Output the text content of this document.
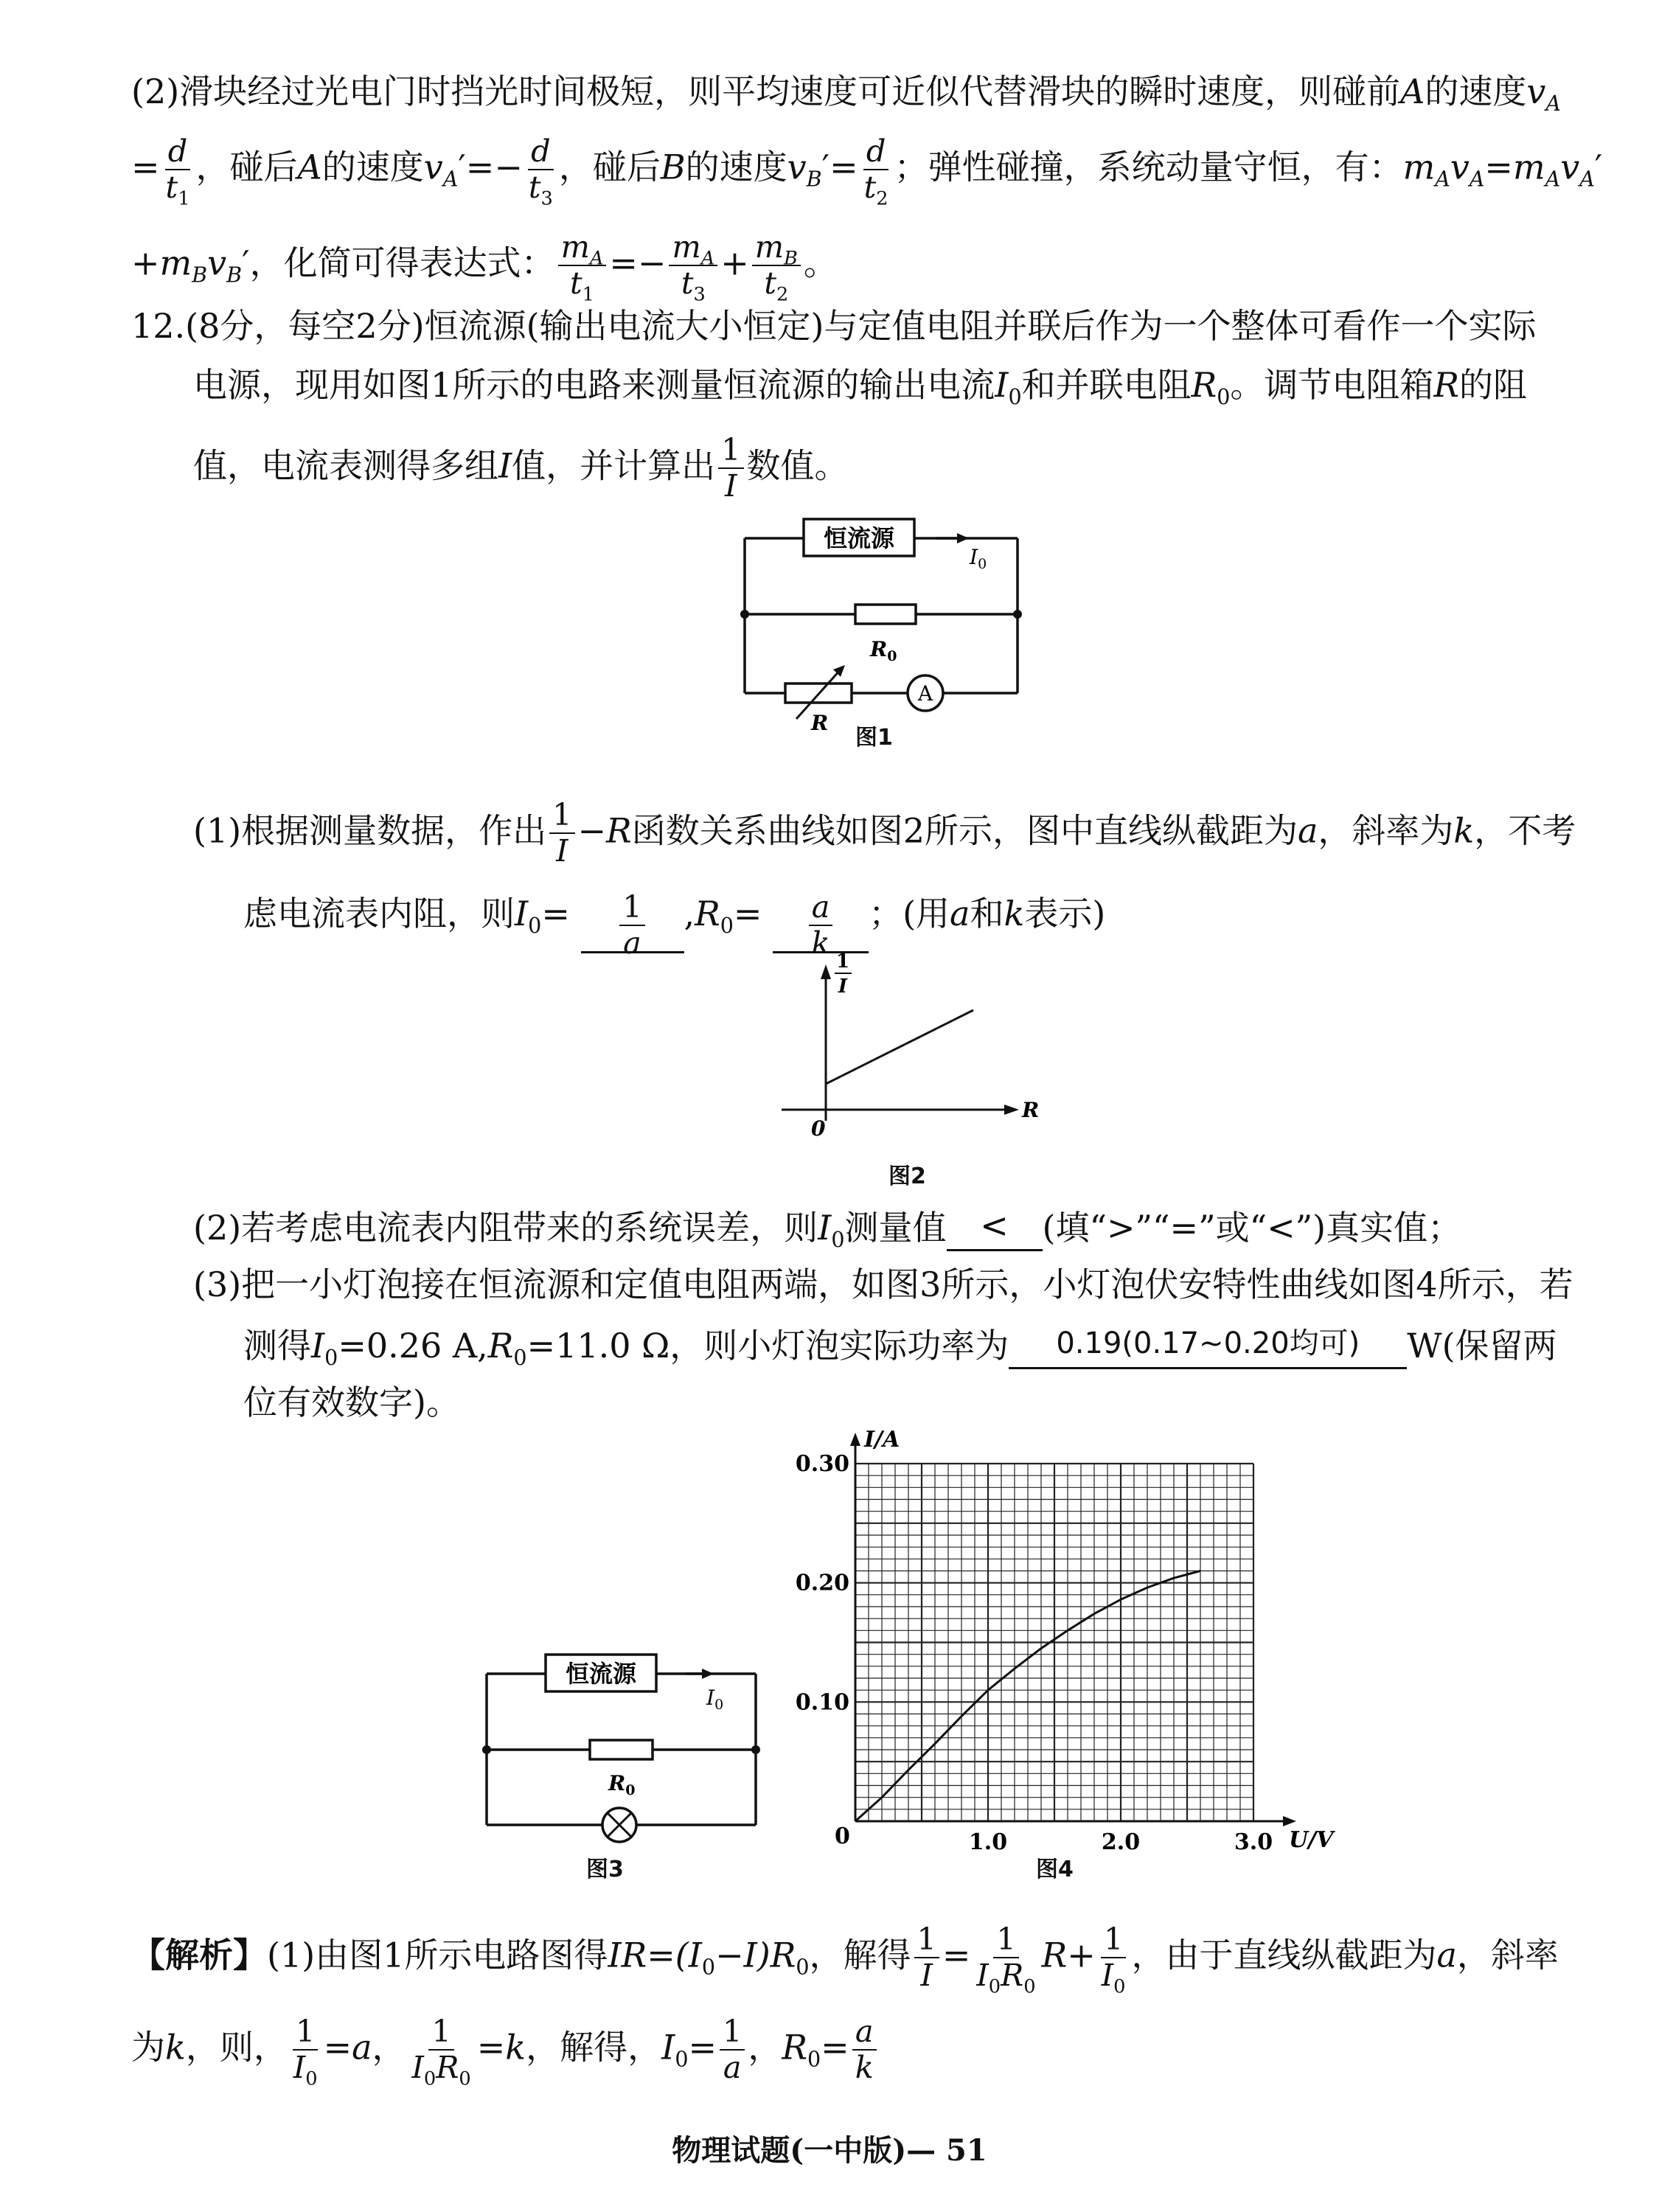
(2)滑块经过光电门时挡光时间极短，则平均速度可近似代替滑块的瞬时速度，则碰前A的速度$v_A$
= $\frac{d}{t_1}$ ，碰后A的速度$v_A'=- \frac{d}{t_3}$ ，碰后B的速度$v_B'= \frac{d}{t_2}$ ；弹性碰撞，系统动量守恒，有：$m_Av_A=m_Av_A'$
$+m_Bv_B'$，化简可得表达式： $\frac{m_A}{t_1} =- \frac{m_A}{t_3} + \frac{m_B}{t_2}$ 。
12.(8分，每空2分)恒流源(输出电流大小恒定)与定值电阻并联后作为一个整体可看作一个实际
电源，现用如图1所示的电路来测量恒流源的输出电流$I_0$和并联电阻$R_0$。调节电阻箱R的阻
值，电流表测得多组I值，并计算出 $\frac{1}{I}$ 数值。
恒流源
$I_0$
$R_0$
R
A
图1
(1)根据测量数据，作出 $\frac{1}{I} -R$函数关系曲线如图2所示，图中直线纵截距为a，斜率为k，不考
虑电流表内阻，则$I_0= \frac{1}{a} ,R_0= \frac{a}{k}$ ；(用a和k表示)
1
I
R
0
图2
(2)若考虑电流表内阻带来的系统误差，则$I_0$测量值 < (填“>”“=”或“<”)真实值；
(3)把一小灯泡接在恒流源和定值电阻两端，如图3所示，小灯泡伏安特性曲线如图4所示，若
测得$I_0=0.26$ $A,R_0=11.0$ Ω，则小灯泡实际功率为 0.19(0.17~0.20均可) W(保留两
位有效数字)。
恒流源
$I_0$
$R_0$
图3
1.0	2.0	3.0
0.10
0.20
0.30
I/A
U/V
0
图4
【解析】(1)由图1所示电路图得$IR=(I_0-I)R_0$，解得 $\frac{1}{I} = \frac{1}{I_0R_0} R+ \frac{1}{I_0}$ ，由于直线纵截距为a，斜率
为k，则， $\frac{1}{I_0} =a$， $\frac{1}{I_0R_0} =k$，解得，$I_0= \frac{1}{a}$ ，$R_0= \frac{a}{k}$
物理试题(一中版)— 51
